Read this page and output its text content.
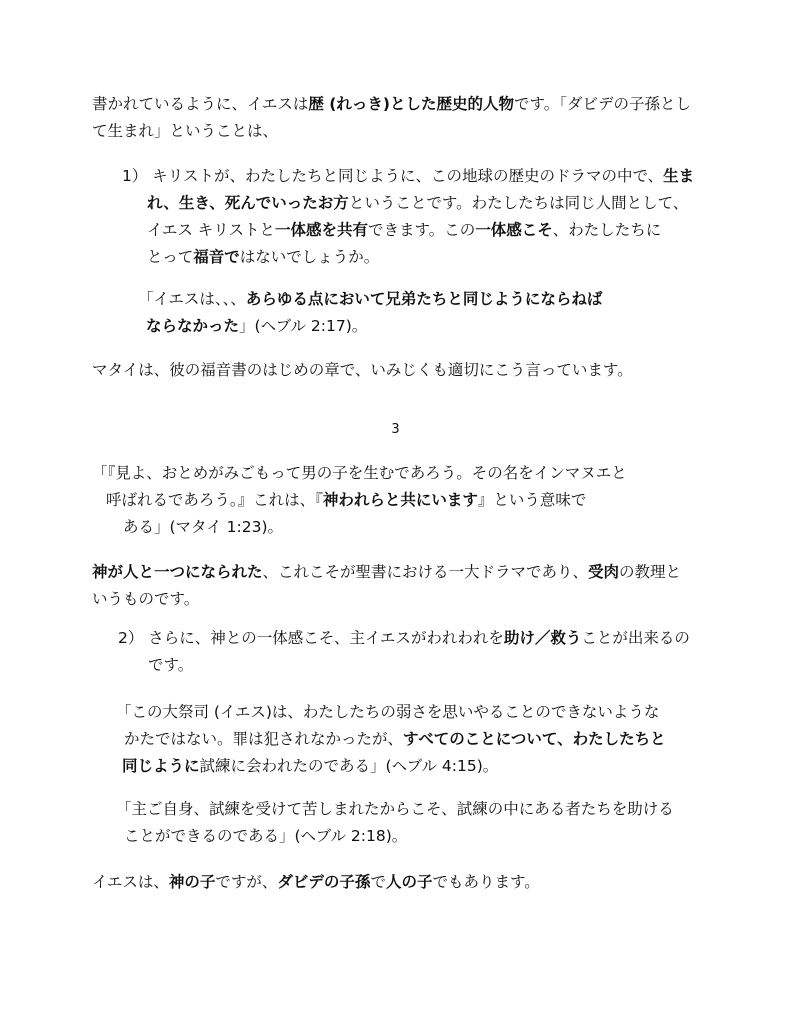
3

書かれているように、イエスは歴 (れっき)とした歴史的人物です。「ダビデの子孫とし
て生まれ」ということは、
1） キリストが、わたしたちと同じように、この地球の歴史のドラマの中で、生ま
れ、生き、死んでいったお方ということです。わたしたちは同じ人間として、
イエス キリストと一体感を共有できます。この一体感こそ、わたしたちに
とって福音ではないでしょうか。
「イエスは、、、あらゆる点において兄弟たちと同じようにならねば
ならなかった」(ヘブル 2:17)。
マタイは、彼の福音書のはじめの章で、いみじくも適切にこう言っています。
「『見よ、おとめがみごもって男の子を生むであろう。その名をインマヌエと
呼ばれるであろう。』これは、『神われらと共にいます』という意味で
ある」(マタイ 1:23)。
神が人と一つになられた、これこそが聖書における一大ドラマであり、受肉の教理と
いうものです。
2） さらに、神との一体感こそ、主イエスがわれわれを助け／救うことが出来るの
です。
「この大祭司 (イエス)は、わたしたちの弱さを思いやることのできないような
かたではない。罪は犯されなかったが、すべてのことについて、わたしたちと
同じように試練に会われたのである」(ヘブル 4:15)。
「主ご自身、試練を受けて苦しまれたからこそ、試練の中にある者たちを助ける
ことができるのである」(ヘブル 2:18)。
イエスは、神の子ですが、ダビデの子孫で人の子でもあります。
